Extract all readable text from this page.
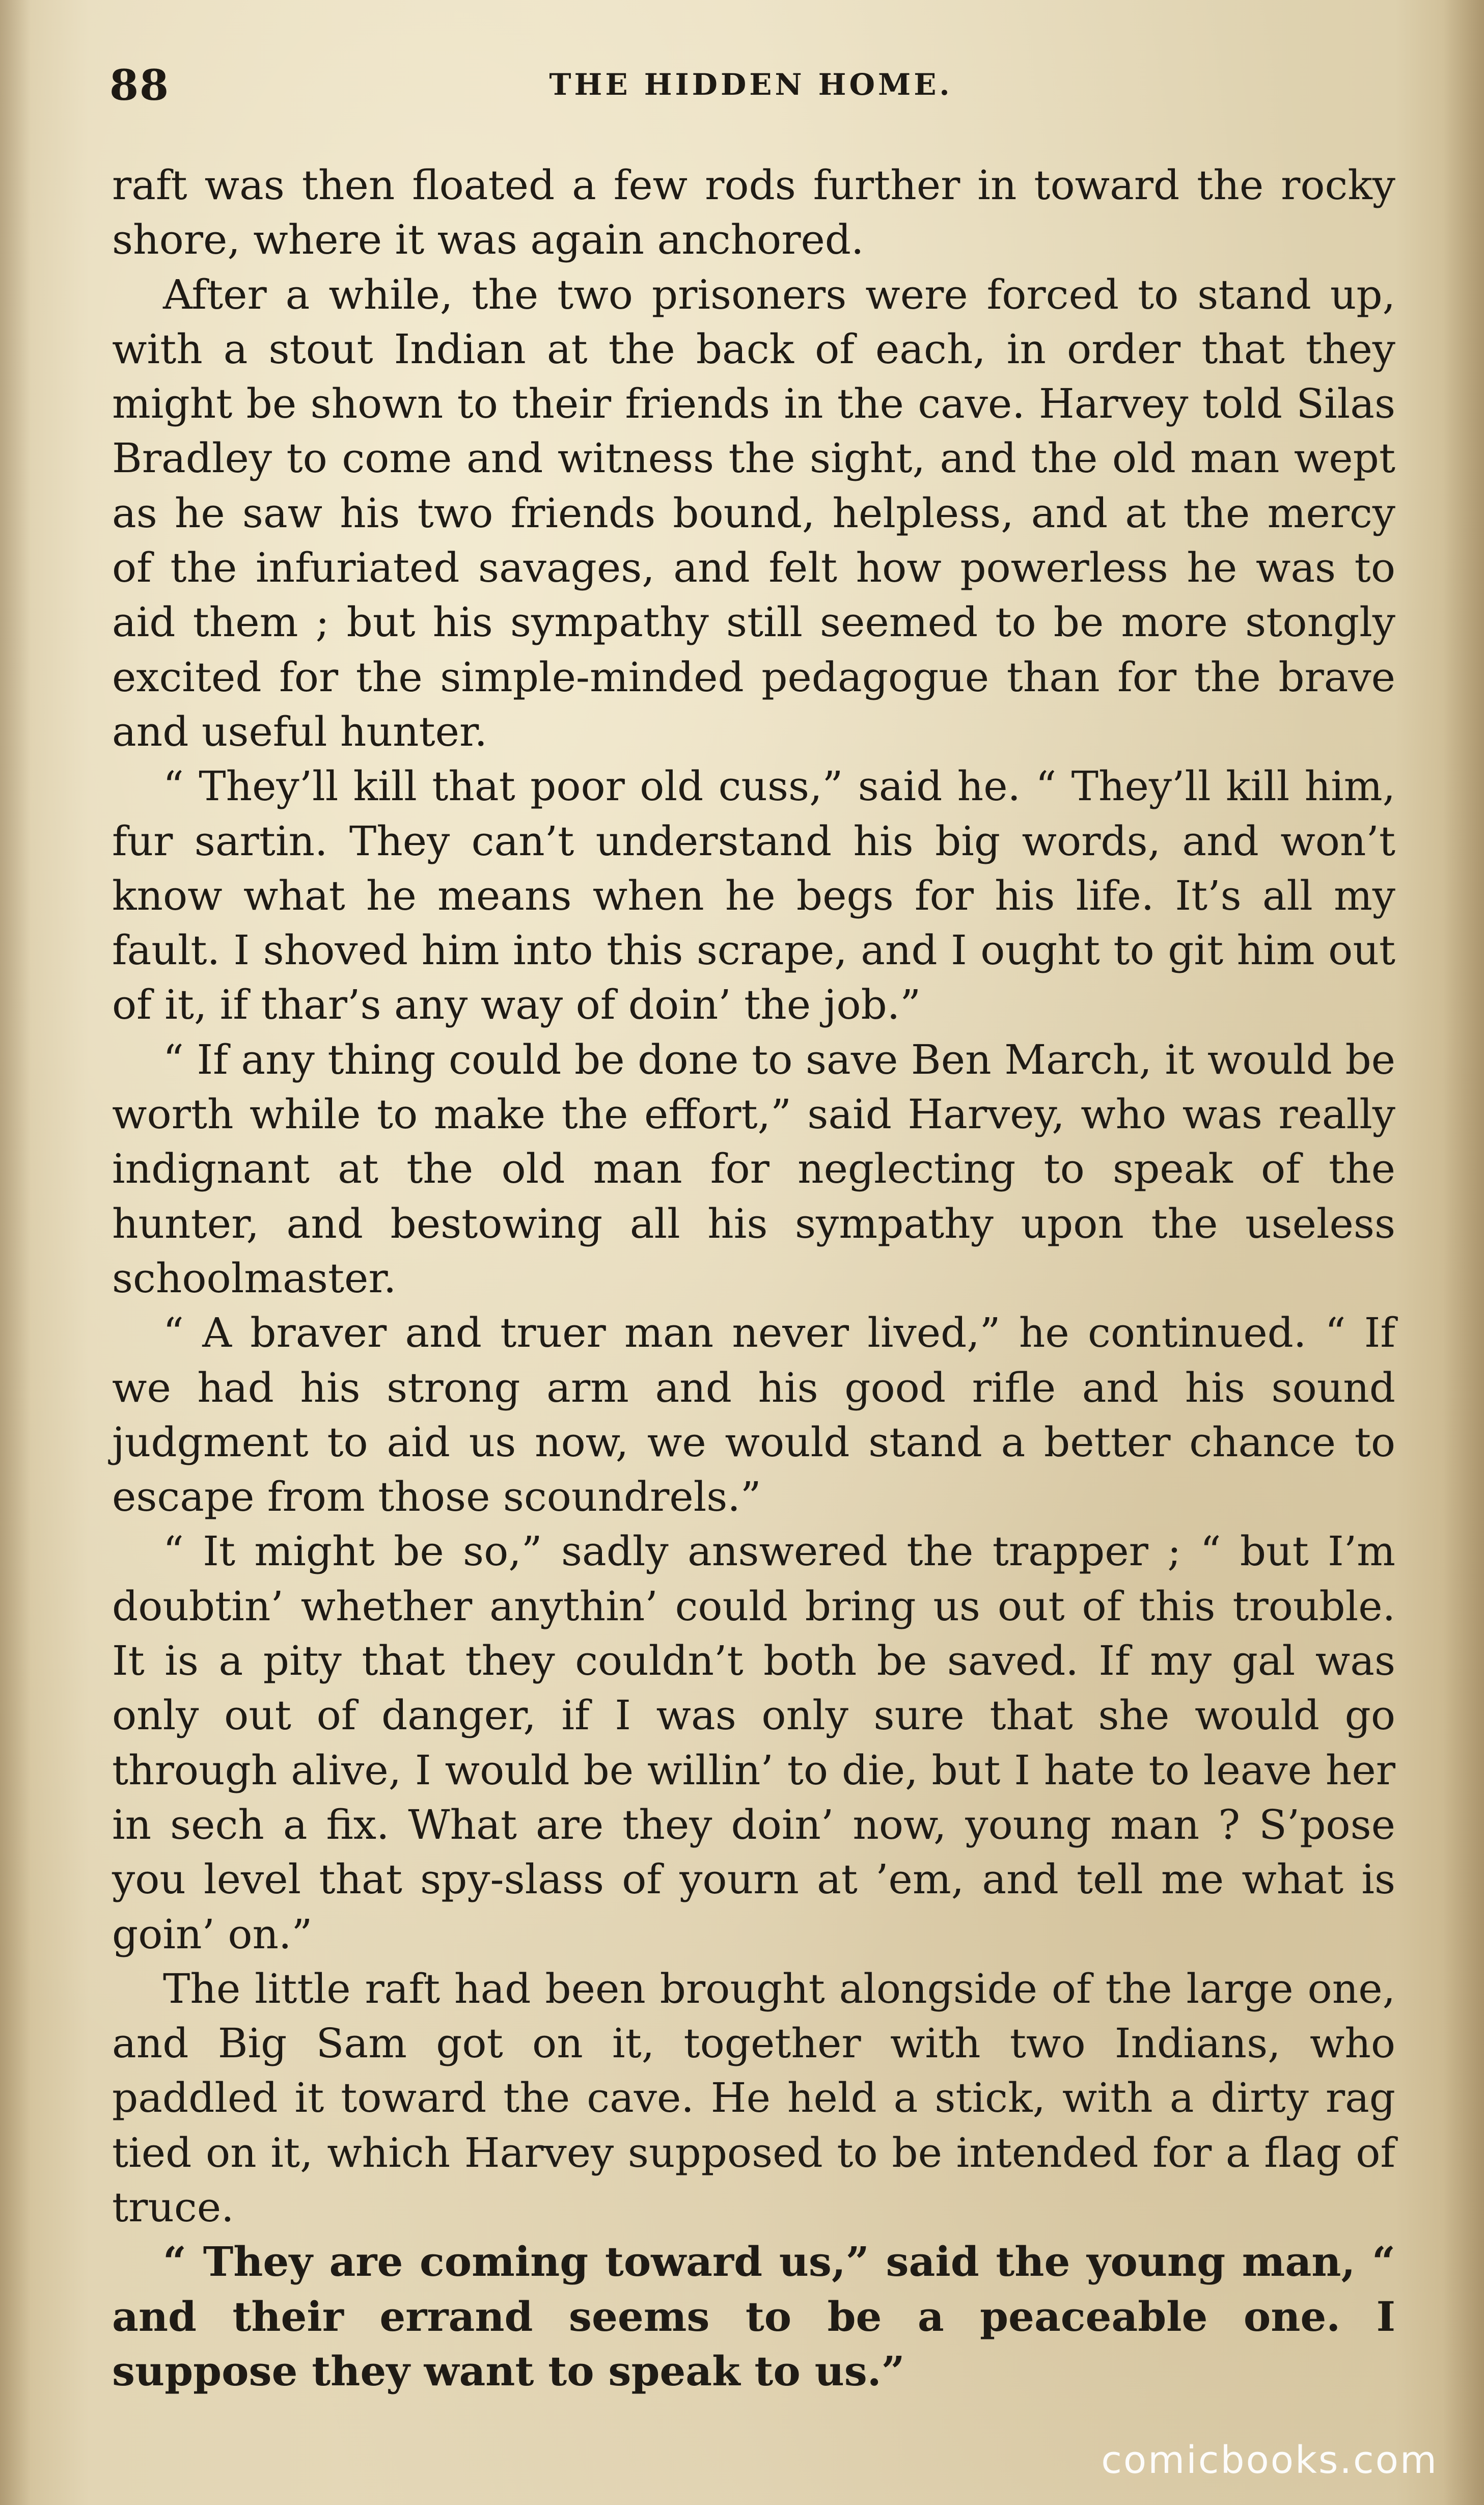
88	THE HIDDEN HOME.

raft was then floated a few rods further in toward the rocky shore, where it was again anchored.

After a while, the two prisoners were forced to stand up, with a stout Indian at the back of each, in order that they might be shown to their friends in the cave. Harvey told Silas Bradley to come and witness the sight, and the old man wept as he saw his two friends bound, helpless, and at the mercy of the infuriated savages, and felt how powerless he was to aid them ; but his sympathy still seemed to be more stongly excited for the simple-minded pedagogue than for the brave and useful hunter.

“ They’ll kill that poor old cuss,” said he. “ They’ll kill him, fur sartin. They can’t understand his big words, and won’t know what he means when he begs for his life. It’s all my fault. I shoved him into this scrape, and I ought to git him out of it, if thar’s any way of doin’ the job.”

“ If any thing could be done to save Ben March, it would be worth while to make the effort,” said Harvey, who was really indignant at the old man for neglecting to speak of the hunter, and bestowing all his sympathy upon the useless schoolmaster.

“ A braver and truer man never lived,” he continued. “ If we had his strong arm and his good rifle and his sound judgment to aid us now, we would stand a better chance to escape from those scoundrels.”

“ It might be so,” sadly answered the trapper ; “ but I’m doubtin’ whether anythin’ could bring us out of this trouble. It is a pity that they couldn’t both be saved. If my gal was only out of danger, if I was only sure that she would go through alive, I would be willin’ to die, but I hate to leave her in sech a fix. What are they doin’ now, young man ? S’pose you level that spy-slass of yourn at ’em, and tell me what is goin’ on.”

The little raft had been brought alongside of the large one, and Big Sam got on it, together with two Indians, who paddled it toward the cave. He held a stick, with a dirty rag tied on it, which Harvey supposed to be intended for a flag of truce.

“ They are coming toward us,” said the young man, “ and their errand seems to be a peaceable one. I suppose they want to speak to us.”

comicbooks.com
